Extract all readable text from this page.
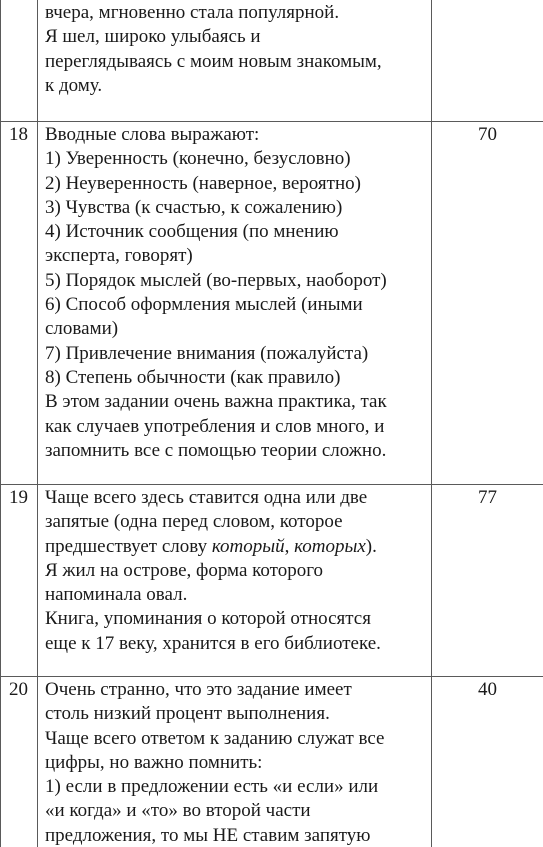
вчера, мгновенно стала популярной.
Я шел, широко улыбаясь и
переглядываясь с моим новым знакомым,
к дому.
18 Вводные слова выражают:
1) Уверенность (конечно, безусловно)
2) Неуверенность (наверное, вероятно)
3) Чувства (к счастью, к сожалению)
4) Источник сообщения (по мнению
эксперта, говорят)
5) Порядок мыслей (во-первых, наоборот)
6) Способ оформления мыслей (иными
словами)
7) Привлечение внимания (пожалуйста)
8) Степень обычности (как правило)
В этом задании очень важна практика, так
как случаев употребления и слов много, и
запомнить все с помощью теории сложно.
70
19 Чаще всего здесь ставится одна или две
запятые (одна перед словом, которое
предшествует слову который, которых).
Я жил на острове, форма которого
напоминала овал.
Книга, упоминания о которой относятся
еще к 17 веку, хранится в его библиотеке.
77
20 Очень странно, что это задание имеет
столь низкий процент выполнения.
Чаще всего ответом к заданию служат все
цифры, но важно помнить:
1) если в предложении есть «и если» или
«и когда» и «то» во второй части
предложения, то мы НЕ ставим запятую
40
